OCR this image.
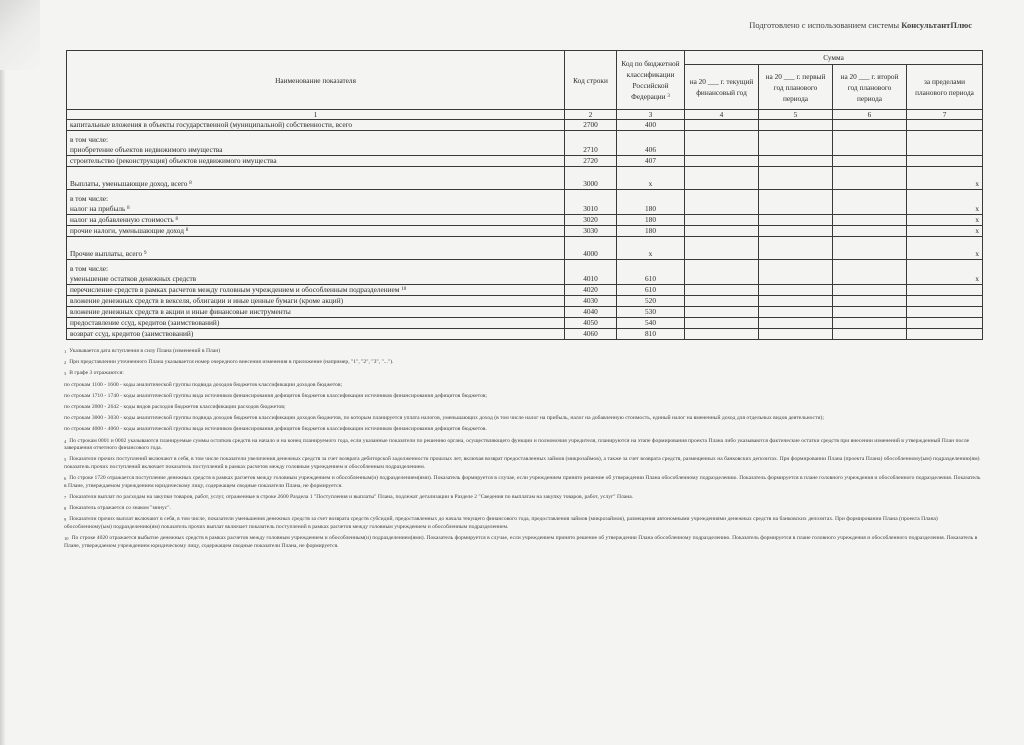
Подготовлено с использованием системы КонсультантПлюс
Наименование показателя	Код строки	Код по бюджетной классификации Российской Федерации $^3$	Сумма			
			на 20 ___ г. текущий финансовый год	на 20 ___ г. первый год планового периода	на 20 ___ г. второй год планового периода	за пределами планового периода
1	2	3	4	5	6	7
капитальные вложения в объекты государственной (муниципальной) собственности, всего	2700	400				

в том числе:
приобретение объектов недвижимого имущества	2710	406				
строительство (реконструкция) объектов недвижимого имущества	2720	407				
Выплаты, уменьшающие доход, всего $^8$	3000	x				x

в том числе:
налог на прибыль $^8$	3010	180				x
налог на добавленную стоимость $^8$	3020	180				x
прочие налоги, уменьшающие доход $^8$	3030	180				x
Прочие выплаты, всего $^9$	4000	x				x

в том числе:
уменьшение остатков денежных средств	4010	610				x
перечисление средств в рамках расчетов между головным учреждением и обособленным подразделением $^{10}$	4020	610				
вложение денежных средств в векселя, облигации и иные ценные бумаги (кроме акций)	4030	520				
вложение денежных средств в акции и иные финансовые инструменты	4040	530				
предоставление ссуд, кредитов (заимствований)	4050	540				
возврат ссуд, кредитов (заимствований)	4060	810				

$^1$ Указывается дата вступления в силу Плана (изменений в План)

$^2$ При представлении уточненного Плана указывается номер очередного внесения изменения в приложение (например, "1", "2", "3", "...").

$^3$ В графе 3 отражаются:

по строкам 1100 - 1600 - коды аналитической группы подвида доходов бюджетов классификации доходов бюджетов;

по строкам 1710 - 1740 - коды аналитической группы вида источников финансирования дефицитов бюджетов классификации источников финансирования дефицитов бюджетов;

по строкам 2000 - 2642 - коды видов расходов бюджетов классификации расходов бюджетов;

по строкам 3000 - 3030 - коды аналитической группы подвида доходов бюджетов классификации доходов бюджетов, по которым планируется уплата налогов, уменьшающих доход (в том числе налог на прибыль, налог на добавленную стоимость, единый налог на вмененный доход для отдельных видов деятельности);

по строкам 4000 - 4060 - коды аналитической группы вида источников финансирования дефицитов бюджетов классификации источников финансирования дефицитов бюджетов.

$^4$ По строкам 0001 и 0002 указываются планируемые суммы остатков средств на начало и на конец планируемого года, если указанные показатели по решению органа, осуществляющего функции и полномочия учредителя, планируются на этапе формирования проекта Плана либо указываются фактические остатки средств при внесении изменений в утвержденный План после завершения отчетного финансового года.

$^5$ Показатели прочих поступлений включают в себя, в том числе показатели увеличения денежных средств за счет возврата дебиторской задолженности прошлых лет, включая возврат предоставленных займов (микрозаймов), а также за счет возврата средств, размещенных на банковских депозитах. При формировании Плана (проекта Плана) обособленному(ым) подразделению(ям) показатель прочих поступлений включает показатель поступлений в рамках расчетов между головным учреждением и обособленным подразделением.

$^6$ По строке 1720 отражается поступление денежных средств в рамках расчетов между головным учреждением и обособленным(и) подразделением(ями). Показатель формируется в случае, если учреждением принято решение об утверждении Плана обособленному подразделению. Показатель формируется в плане головного учреждения и обособленного подразделения. Показатель в Плане, утверждаемом учреждением юридическому лицу, содержащем сводные показатели Плана, не формируется.

$^7$ Показатели выплат по расходам на закупки товаров, работ, услуг, отраженные в строке 2600 Раздела 1 "Поступления и выплаты" Плана, подлежат детализации в Разделе 2 "Сведения по выплатам на закупку товаров, работ, услуг" Плана.

$^8$ Показатель отражается со знаком "минус".

$^9$ Показатели прочих выплат включают в себя, в том числе, показатели уменьшения денежных средств за счет возврата средств субсидий, предоставленных до начала текущего финансового года, предоставления займов (микрозаймов), размещения автономными учреждениями денежных средств на банковских депозитах. При формировании Плана (проекта Плана) обособленному(ым) подразделению(ям) показатель прочих выплат включает показатель поступлений в рамках расчетов между головным учреждением и обособленным подразделением.

$^{10}$ По строке 4020 отражается выбытие денежных средств в рамках расчетов между головным учреждением и обособленным(и) подразделением(ями). Показатель формируется в случае, если учреждением принято решение об утверждении Плана обособленному подразделению. Показатель формируется в плане головного учреждения и обособленного подразделения. Показатель в Плане, утверждаемом учреждением юридическому лицу, содержащем сводные показатели Плана, не формируется.
